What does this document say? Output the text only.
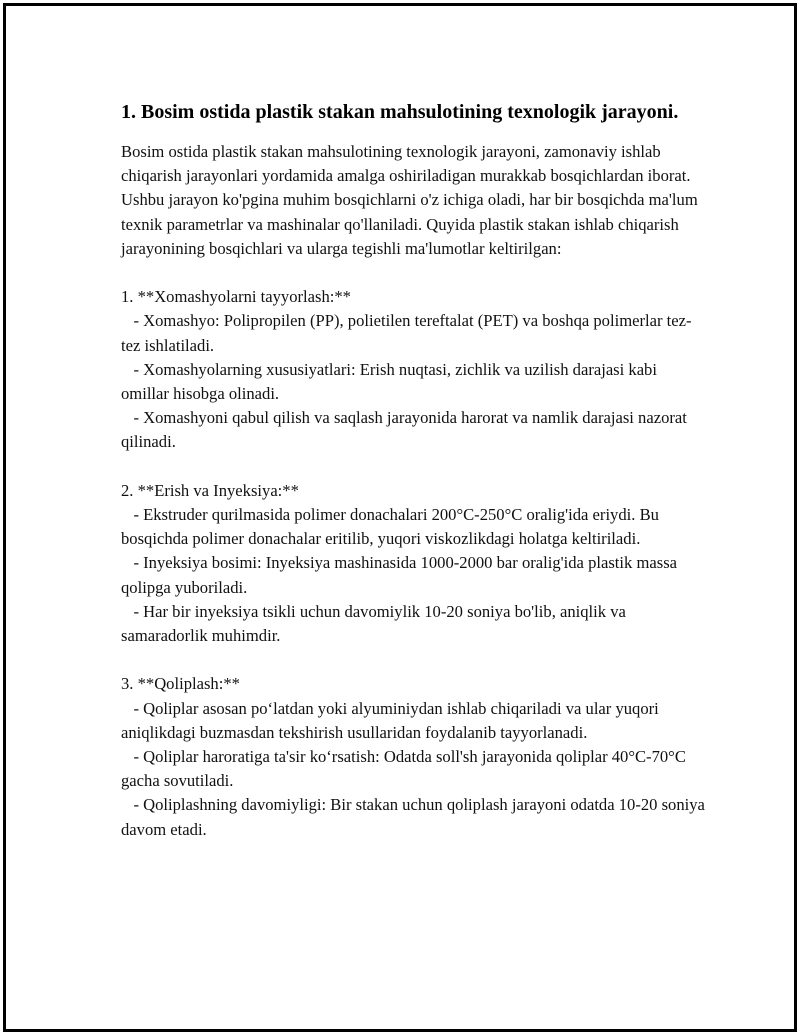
1. Bosim ostida plastik stakan mahsulotining texnologik jarayoni.

Bosim ostida plastik stakan mahsulotining texnologik jarayoni, zamonaviy ishlab chiqarish jarayonlari yordamida amalga oshiriladigan murakkab bosqichlardan iborat. Ushbu jarayon ko'pgina muhim bosqichlarni o'z ichiga oladi, har bir bosqichda ma'lum texnik parametrlar va mashinalar qo'llaniladi. Quyida plastik stakan ishlab chiqarish jarayonining bosqichlari va ularga tegishli ma'lumotlar keltirilgan:

1. **Xomashyolarni tayyorlash:**

- Xomashyo: Polipropilen (PP), polietilen tereftalat (PET) va boshqa polimerlar tez-tez ishlatiladi.

- Xomashyolarning xususiyatlari: Erish nuqtasi, zichlik va uzilish darajasi kabi omillar hisobga olinadi.

- Xomashyoni qabul qilish va saqlash jarayonida harorat va namlik darajasi nazorat qilinadi.

2. **Erish va Inyeksiya:**

- Ekstruder qurilmasida polimer donachalari 200°C-250°C oralig'ida eriydi. Bu bosqichda polimer donachalar eritilib, yuqori viskozlikdagi holatga keltiriladi.

- Inyeksiya bosimi: Inyeksiya mashinasida 1000-2000 bar oralig'ida plastik massa qolipga yuboriladi.

- Har bir inyeksiya tsikli uchun davomiylik 10-20 soniya bo'lib, aniqlik va samaradorlik muhimdir.

3. **Qoliplash:**

- Qoliplar asosan po‘latdan yoki alyuminiydan ishlab chiqariladi va ular yuqori aniqlikdagi buzmasdan tekshirish usullaridan foydalanib tayyorlanadi.

- Qoliplar haroratiga ta'sir ko‘rsatish: Odatda soll'sh jarayonida qoliplar 40°C-70°C gacha sovutiladi.

- Qoliplashning davomiyligi: Bir stakan uchun qoliplash jarayoni odatda 10-20 soniya davom etadi.
